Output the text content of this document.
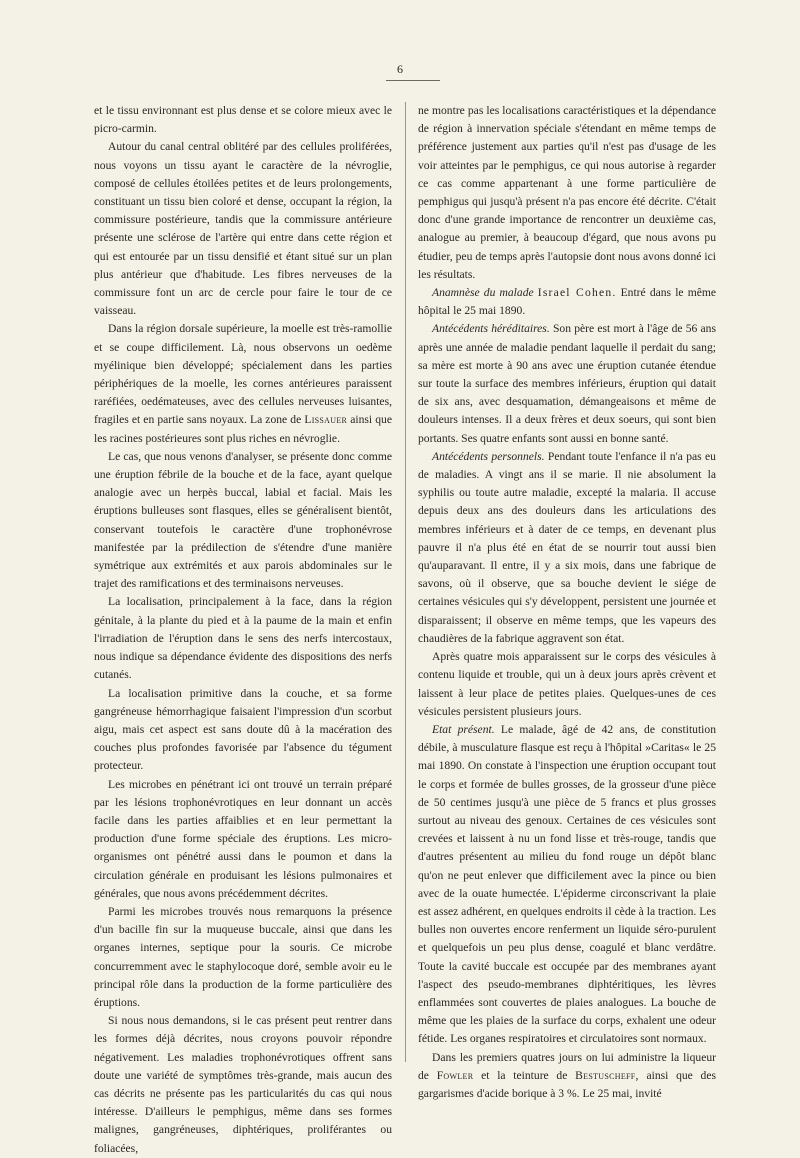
6

et le tissu environnant est plus dense et se colore mieux avec le picro-carmin.

Autour du canal central oblitéré par des cellules proliférées, nous voyons un tissu ayant le caractère de la névroglie, composé de cellules étoilées petites et de leurs prolongements, constituant un tissu bien coloré et dense, occupant la région, la commissure postérieure, tandis que la commissure antérieure présente une sclérose de l'artère qui entre dans cette région et qui est entourée par un tissu densifié et étant situé sur un plan plus antérieur que d'habitude. Les fibres nerveuses de la commissure font un arc de cercle pour faire le tour de ce vaisseau.

Dans la région dorsale supérieure, la moelle est très-ramollie et se coupe difficilement. Là, nous observons un oedème myélinique bien développé; spécialement dans les parties périphériques de la moelle, les cornes antérieures paraissent raréfiées, oedémateuses, avec des cellules nerveuses luisantes, fragiles et en partie sans noyaux. La zone de Lissauer ainsi que les racines postérieures sont plus riches en névroglie.

Le cas, que nous venons d'analyser, se présente donc comme une éruption fébrile de la bouche et de la face, ayant quelque analogie avec un herpès buccal, labial et facial. Mais les éruptions bulleuses sont flasques, elles se généralisent bientôt, conservant toutefois le caractère d'une trophonévrose manifestée par la prédilection de s'étendre d'une manière symétrique aux extrémités et aux parois abdominales sur le trajet des ramifications et des terminaisons nerveuses.

La localisation, principalement à la face, dans la région génitale, à la plante du pied et à la paume de la main et enfin l'irradiation de l'éruption dans le sens des nerfs intercostaux, nous indique sa dépendance évidente des dispositions des nerfs cutanés.

La localisation primitive dans la couche, et sa forme gangréneuse hémorrhagique faisaient l'impression d'un scorbut aigu, mais cet aspect est sans doute dû à la macération des couches plus profondes favorisée par l'absence du tégument protecteur.

Les microbes en pénétrant ici ont trouvé un terrain préparé par les lésions trophonévrotiques en leur donnant un accès facile dans les parties affaiblies et en leur permettant la production d'une forme spéciale des éruptions. Les micro-organismes ont pénétré aussi dans le poumon et dans la circulation générale en produisant les lésions pulmonaires et générales, que nous avons précédemment décrites.

Parmi les microbes trouvés nous remarquons la présence d'un bacille fin sur la muqueuse buccale, ainsi que dans les organes internes, septique pour la souris. Ce microbe concurremment avec le staphylocoque doré, semble avoir eu le principal rôle dans la production de la forme particulière des éruptions.

Si nous nous demandons, si le cas présent peut rentrer dans les formes déjà décrites, nous croyons pouvoir répondre négativement. Les maladies trophonévrotiques offrent sans doute une variété de symptômes très-grande, mais aucun des cas décrits ne présente pas les particularités du cas qui nous intéresse. D'ailleurs le pemphigus, même dans ses formes malignes, gangréneuses, diphtériques, proliférantes ou foliacées,

ne montre pas les localisations caractéristiques et la dépendance de région à innervation spéciale s'étendant en même temps de préférence justement aux parties qu'il n'est pas d'usage de les voir atteintes par le pemphigus, ce qui nous autorise à regarder ce cas comme appartenant à une forme particulière de pemphigus qui jusqu'à présent n'a pas encore été décrite. C'était donc d'une grande importance de rencontrer un deuxième cas, analogue au premier, à beaucoup d'égard, que nous avons pu étudier, peu de temps après l'autopsie dont nous avons donné ici les résultats.

Anamnèse du malade Israel Cohen. Entré dans le même hôpital le 25 mai 1890.

Antécédents héréditaires. Son père est mort à l'âge de 56 ans après une année de maladie pendant laquelle il perdait du sang; sa mère est morte à 90 ans avec une éruption cutanée étendue sur toute la surface des membres inférieurs, éruption qui datait de six ans, avec desquamation, démangeaisons et même de douleurs intenses. Il a deux frères et deux soeurs, qui sont bien portants. Ses quatre enfants sont aussi en bonne santé.

Antécédents personnels. Pendant toute l'enfance il n'a pas eu de maladies. A vingt ans il se marie. Il nie absolument la syphilis ou toute autre maladie, excepté la malaria. Il accuse depuis deux ans des douleurs dans les articulations des membres inférieurs et à dater de ce temps, en devenant plus pauvre il n'a plus été en état de se nourrir tout aussi bien qu'auparavant. Il entre, il y a six mois, dans une fabrique de savons, où il observe, que sa bouche devient le siége de certaines vésicules qui s'y développent, persistent une journée et disparaissent; il observe en même temps, que les vapeurs des chaudières de la fabrique aggravent son état.

Après quatre mois apparaissent sur le corps des vésicules à contenu liquide et trouble, qui un à deux jours après crèvent et laissent à leur place de petites plaies. Quelques-unes de ces vésicules persistent plusieurs jours.

Etat présent. Le malade, âgé de 42 ans, de constitution débile, à musculature flasque est reçu à l'hôpital »Caritas« le 25 mai 1890. On constate à l'inspection une éruption occupant tout le corps et formée de bulles grosses, de la grosseur d'une pièce de 50 centimes jusqu'à une pièce de 5 francs et plus grosses surtout au niveau des genoux. Certaines de ces vésicules sont crevées et laissent à nu un fond lisse et très-rouge, tandis que d'autres présentent au milieu du fond rouge un dépôt blanc qu'on ne peut enlever que difficilement avec la pince ou bien avec de la ouate humectée. L'épiderme circonscrivant la plaie est assez adhérent, en quelques endroits il cède à la traction. Les bulles non ouvertes encore renferment un liquide séro-purulent et quelquefois un peu plus dense, coagulé et blanc verdâtre. Toute la cavité buccale est occupée par des membranes ayant l'aspect des pseudo-membranes diphtéritiques, les lèvres enflammées sont couvertes de plaies analogues. La bouche de même que les plaies de la surface du corps, exhalent une odeur fétide. Les organes respiratoires et circulatoires sont normaux.

Dans les premiers quatres jours on lui administre la liqueur de Fowler et la teinture de Bestuscheff, ainsi que des gargarismes d'acide borique à 3 %. Le 25 mai, invité
